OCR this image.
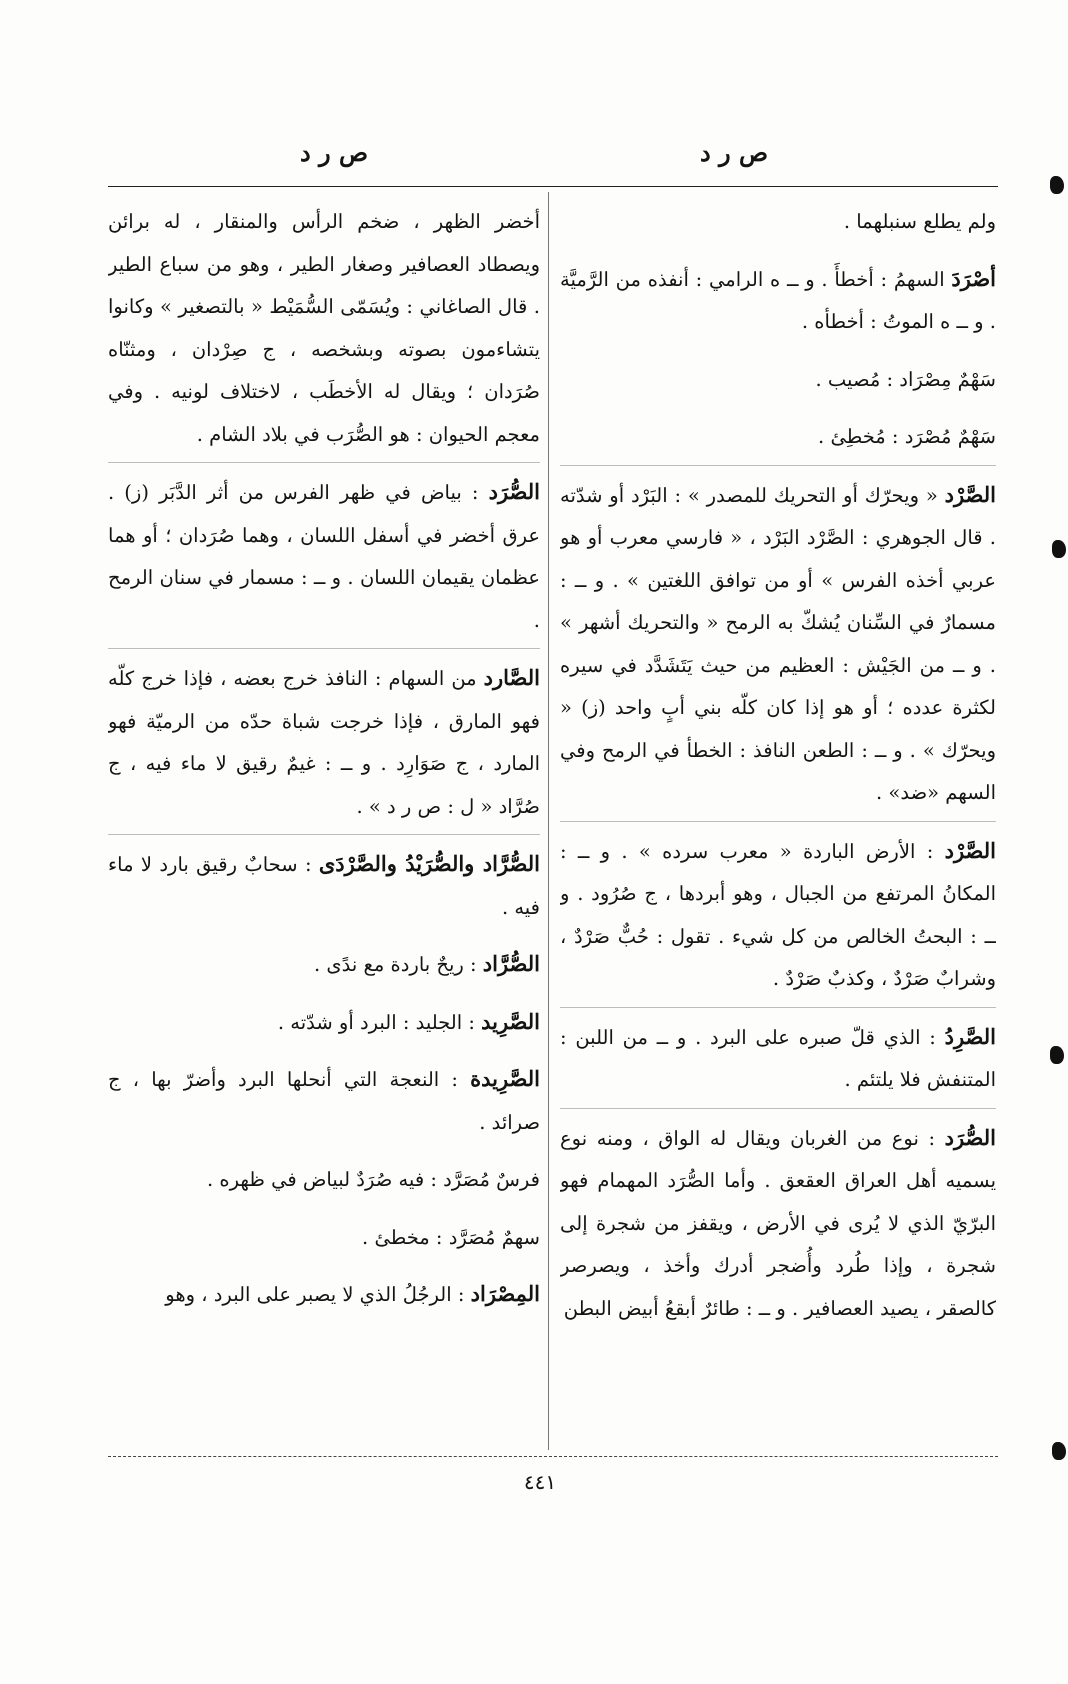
ص ر د
ص ر د
ولم يطلع سنبلهما .
أصْرَدَ السهمُ : أخطأَ . و ــ ه الرامي : أنفذه من الرَّميَّة . و ــ ه الموتُ : أخطأه .
سَهْمٌ مِصْرَاد : مُصيب .
سَهْمٌ مُصْرَد : مُخطِئ .
الصَّرْد « ويحرّك أو التحريك للمصدر » : البَرْد أو شدّته . قال الجوهري : الصَّرْد البَرْد ، « فارسي معرب أو هو عربي أخذه الفرس » أو من توافق اللغتين » . و ــ : مسمارٌ في السِّنان يُشكّ به الرمح « والتحريك أشهر » . و ــ من الجَيْش : العظيم من حيث يَتَشَدَّد في سيره لكثرة عدده ؛ أو هو إذا كان كلّه بني أبٍ واحد (ز) « ويحرّك » . و ــ : الطعن النافذ : الخطأ في الرمح وفي السهم «ضد» .
الصَّرْد : الأرض الباردة « معرب سرده » . و ــ : المكانُ المرتفع من الجبال ، وهو أبردها ، ج صُرُود . و ــ : البحتُ الخالص من كل شيء . تقول : حُبٌّ صَرْدٌ ، وشرابٌ صَرْدٌ ، وكذبٌ صَرْدٌ .
الصَّرِدُ : الذي قلّ صبره على البرد . و ــ من اللبن : المتنفش فلا يلتئم .
الصُّرَد : نوع من الغربان ويقال له الواق ، ومنه نوع يسميه أهل العراق العقعق . وأما الصُّرَد المهمام فهو البرّيّ الذي لا يُرى في الأرض ، ويقفز من شجرة إلى شجرة ، وإذا طُرد وأُضجر أدرك وأخذ ، ويصرصر كالصقر ، يصيد العصافير . و ــ : طائرٌ أبقعُ أبيض البطن
أخضر الظهر ، ضخم الرأس والمنقار ، له برائن ويصطاد العصافير وصغار الطير ، وهو من سباع الطير . قال الصاغاني : ويُسَمّى السُّمَيْط « بالتصغير » وكانوا يتشاءمون بصوته وبشخصه ، ج صِرْدان ، ومثنّاه صُرَدان ؛ ويقال له الأخطَب ، لاختلاف لونيه . وفي معجم الحيوان : هو الصُّرَب في بلاد الشام .
الصُّرَد : بياض في ظهر الفرس من أثر الدَّبَر (ز) . عرق أخضر في أسفل اللسان ، وهما صُرَدان ؛ أو هما عظمان يقيمان اللسان . و ــ : مسمار في سنان الرمح .
الصَّارد من السهام : النافذ خرج بعضه ، فإذا خرج كلّه فهو المارق ، فإذا خرجت شباة حدّه من الرميّة فهو المارد ، ج صَوَارِد . و ــ : غيمٌ رقيق لا ماء فيه ، ج صُرَّاد « ل : ص ر د » .
الصُّرَّاد والصُّرَيْدُ والصَّرْدَى : سحابٌ رقيق بارد لا ماء فيه .
الصُّرَّاد : ريحٌ باردة مع ندًى .
الصَّرِيد : الجليد : البرد أو شدّته .
الصَّرِيدة : النعجة التي أنحلها البرد وأضرّ بها ، ج صرائد .
فرسٌ مُصَرَّد : فيه صُرَدٌ لبياض في ظهره .
سهمٌ مُصَرَّد : مخطئ .
المِصْرَاد : الرجُلُ الذي لا يصبر على البرد ، وهو
٤٤١
